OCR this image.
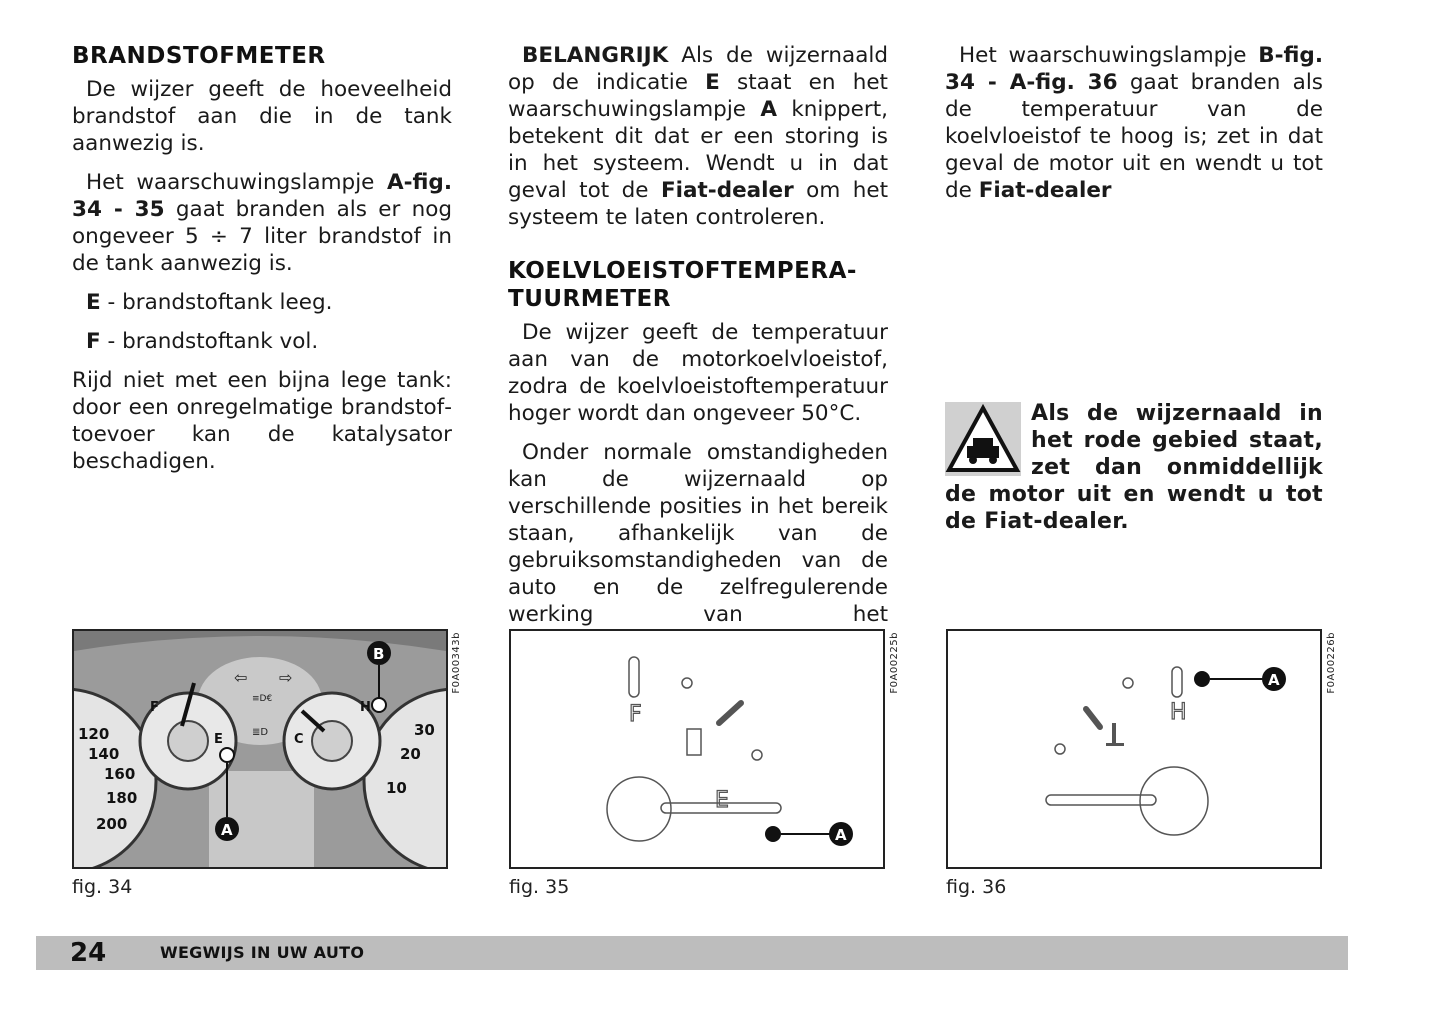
BRANDSTOFMETER

De wijzer geeft de hoeveelheid brandstof aan die in de tank aanwezig is.

Het waarschuwingslampje A-fig. 34 - 35 gaat branden als er nog ongeveer 5 ÷ 7 liter brandstof in de tank aanwezig is.

E - brandstoftank leeg.

F - brandstoftank vol.

Rijd niet met een bijna lege tank: door een onregelmatige brandstoftoevoer kan de katalysator beschadigen.

BELANGRIJK Als de wijzernaald op de indicatie E staat en het waarschuwingslampje A knippert, betekent dit dat er een storing is in het systeem. Wendt u in dat geval tot de Fiat-dealer om het systeem te laten controleren.

KOELVLOEISTOFTEMPERA-TUURMETER

De wijzer geeft de temperatuur aan van de motorkoelvloeistof, zodra de koelvloeistoftemperatuur hoger wordt dan ongeveer 50°C.

Onder normale omstandigheden kan de wijzernaald op verschillende posities in het bereik staan, afhankelijk van de gebruiksomstandigheden van de auto en de zelfregulerende werking van het

Het waarschuwingslampje B-fig. 34 - A-fig. 36 gaat branden als de temperatuur van de koelvloeistof te hoog is; zet in dat geval de motor uit en wendt u tot de Fiat-dealer

Als de wijzernaald in het rode gebied staat, zet dan onmiddellijk de motor uit en wendt u tot de Fiat-dealer.
⇦ ⇨
≡D€
≣D
120
140
160
180
200
30
20
10
F
E
H
C
A
B	F0A00343b
fig. 34
F
E
A
F0A00225b
fig. 35
H
A	F0A00226b
fig. 36
24	WEGWIJS IN UW AUTO
